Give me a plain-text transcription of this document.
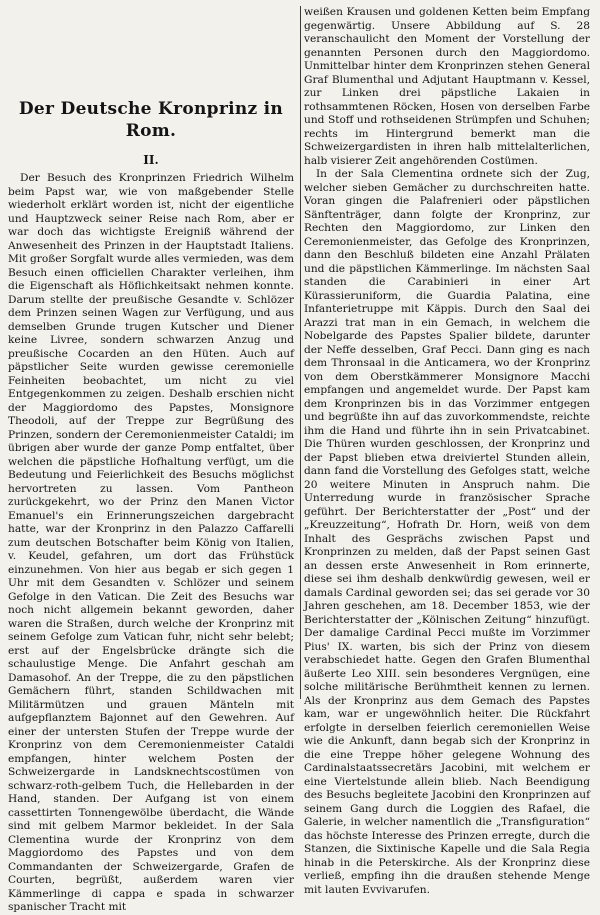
Der Deutsche Kronprinz in Rom.
II.

Der Besuch des Kronprinzen Friedrich Wilhelm beim Papst war, wie von maßgebender Stelle wiederholt erklärt worden ist, nicht der eigentliche und Hauptzweck seiner Reise nach Rom, aber er war doch das wichtigste Ereigniß während der Anwesenheit des Prinzen in der Hauptstadt Italiens. Mit großer Sorgfalt wurde alles vermieden, was dem Besuch einen officiellen Charakter verleihen, ihm die Eigenschaft als Höflichkeitsakt nehmen konnte. Darum stellte der preußische Gesandte v. Schlözer dem Prinzen seinen Wagen zur Verfügung, und aus demselben Grunde trugen Kutscher und Diener keine Livree, sondern schwarzen Anzug und preußische Cocarden an den Hüten. Auch auf päpstlicher Seite wurden gewisse ceremonielle Feinheiten beobachtet, um nicht zu viel Entgegenkommen zu zeigen. Deshalb erschien nicht der Maggiordomo des Papstes, Monsignore Theodoli, auf der Treppe zur Begrüßung des Prinzen, sondern der Ceremonienmeister Cataldi; im übrigen aber wurde der ganze Pomp entfaltet, über welchen die päpstliche Hofhaltung verfügt, um die Bedeutung und Feierlichkeit des Besuchs möglichst hervortreten zu lassen. Vom Pantheon zurückgekehrt, wo der Prinz den Manen Victor Emanuel's ein Erinnerungszeichen dargebracht hatte, war der Kronprinz in den Palazzo Caffarelli zum deutschen Botschafter beim König von Italien, v. Keudel, gefahren, um dort das Frühstück einzunehmen. Von hier aus begab er sich gegen 1 Uhr mit dem Gesandten v. Schlözer und seinem Gefolge in den Vatican. Die Zeit des Besuchs war noch nicht allgemein bekannt geworden, daher waren die Straßen, durch welche der Kronprinz mit seinem Gefolge zum Vatican fuhr, nicht sehr belebt; erst auf der Engelsbrücke drängte sich die schaulustige Menge. Die Anfahrt geschah am Damasohof. An der Treppe, die zu den päpstlichen Gemächern führt, standen Schildwachen mit Militärmützen und grauen Mänteln mit aufgepflanztem Bajonnet auf den Gewehren. Auf einer der untersten Stufen der Treppe wurde der Kronprinz von dem Ceremonienmeister Cataldi empfangen, hinter welchem Posten der Schweizergarde in Landsknechtscostümen von schwarz-roth-gelbem Tuch, die Hellebarden in der Hand, standen. Der Aufgang ist von einem cassettirten Tonnengewölbe überdacht, die Wände sind mit gelbem Marmor bekleidet. In der Sala Clementina wurde der Kronprinz von dem Maggiordomo des Papstes und von dem Commandanten der Schweizergarde, Grafen de Courten, begrüßt, außerdem waren vier Kämmerlinge di cappa e spada in schwarzer spanischer Tracht mit

weißen Krausen und goldenen Ketten beim Empfang gegenwärtig. Unsere Abbildung auf S. 28 veranschaulicht den Moment der Vorstellung der genannten Personen durch den Maggiordomo. Unmittelbar hinter dem Kronprinzen stehen General Graf Blumenthal und Adjutant Hauptmann v. Kessel, zur Linken drei päpstliche Lakaien in rothsammtenen Röcken, Hosen von derselben Farbe und Stoff und rothseidenen Strümpfen und Schuhen; rechts im Hintergrund bemerkt man die Schweizergardisten in ihren halb mittelalterlichen, halb visierer Zeit angehörenden Costümen.

In der Sala Clementina ordnete sich der Zug, welcher sieben Gemächer zu durchschreiten hatte. Voran gingen die Palafrenieri oder päpstlichen Sänftenträger, dann folgte der Kronprinz, zur Rechten den Maggiordomo, zur Linken den Ceremonienmeister, das Gefolge des Kronprinzen, dann den Beschluß bildeten eine Anzahl Prälaten und die päpstlichen Kämmerlinge. Im nächsten Saal standen die Carabinieri in einer Art Kürassieruniform, die Guardia Palatina, eine Infanterietruppe mit Käppis. Durch den Saal dei Arazzi trat man in ein Gemach, in welchem die Nobelgarde des Papstes Spalier bildete, darunter der Neffe desselben, Graf Pecci. Dann ging es nach dem Thronsaal in die Anticamera, wo der Kronprinz von dem Oberstkämmerer Monsignore Macchi empfangen und angemeldet wurde. Der Papst kam dem Kronprinzen bis in das Vorzimmer entgegen und begrüßte ihn auf das zuvorkommendste, reichte ihm die Hand und führte ihn in sein Privatcabinet. Die Thüren wurden geschlossen, der Kronprinz und der Papst blieben etwa dreiviertel Stunden allein, dann fand die Vorstellung des Gefolges statt, welche 20 weitere Minuten in Anspruch nahm. Die Unterredung wurde in französischer Sprache geführt. Der Berichterstatter der „Post“ und der „Kreuzzeitung“, Hofrath Dr. Horn, weiß von dem Inhalt des Gesprächs zwischen Papst und Kronprinzen zu melden, daß der Papst seinen Gast an dessen erste Anwesenheit in Rom erinnerte, diese sei ihm deshalb denkwürdig gewesen, weil er damals Cardinal geworden sei; das sei gerade vor 30 Jahren geschehen, am 18. December 1853, wie der Berichterstatter der „Kölnischen Zeitung“ hinzufügt. Der damalige Cardinal Pecci mußte im Vorzimmer Pius' IX. warten, bis sich der Prinz von diesem verabschiedet hatte. Gegen den Grafen Blumenthal äußerte Leo XIII. sein besonderes Vergnügen, eine solche militärische Berühmtheit kennen zu lernen. Als der Kronprinz aus dem Gemach des Papstes kam, war er ungewöhnlich heiter. Die Rückfahrt erfolgte in derselben feierlich ceremoniellen Weise wie die Ankunft, dann begab sich der Kronprinz in die eine Treppe höher gelegene Wohnung des Cardinalstaatssecretärs Jacobini, mit welchem er eine Viertelstunde allein blieb. Nach Beendigung des Besuchs begleitete Jacobini den Kronprinzen auf seinem Gang durch die Loggien des Rafael, die Galerie, in welcher namentlich die „Transfiguration“ das höchste Interesse des Prinzen erregte, durch die Stanzen, die Sixtinische Kapelle und die Sala Regia hinab in die Peterskirche. Als der Kronprinz diese verließ, empfing ihn die draußen stehende Menge mit lauten Evvivarufen.
